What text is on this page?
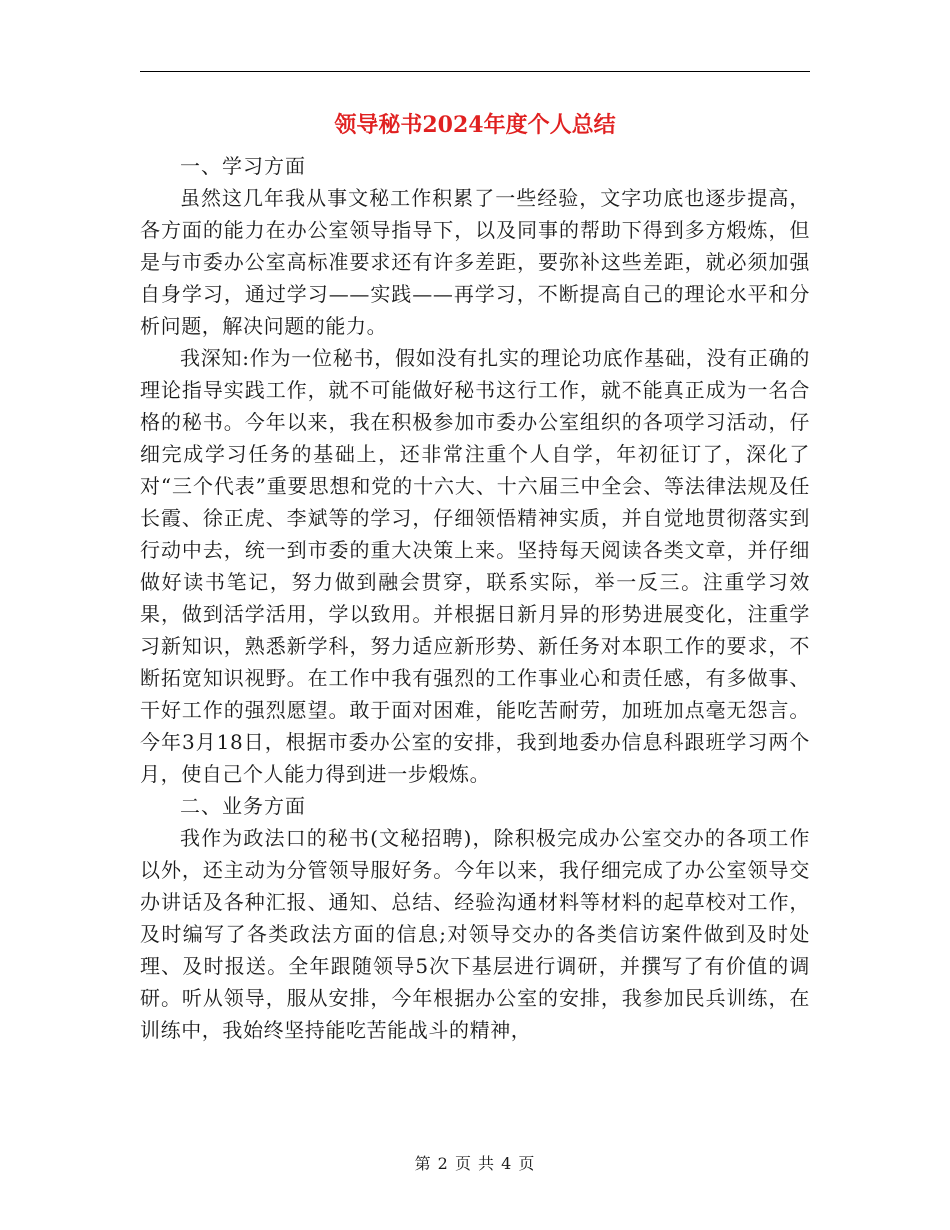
领导秘书2024年度个人总结

一、学习方面

虽然这几年我从事文秘工作积累了一些经验，文字功底也逐步提高，各方面的能力在办公室领导指导下，以及同事的帮助下得到多方煅炼，但是与市委办公室高标准要求还有许多差距，要弥补这些差距，就必须加强自身学习，通过学习——实践——再学习，不断提高自己的理论水平和分析问题，解决问题的能力。

我深知:作为一位秘书，假如没有扎实的理论功底作基础，没有正确的理论指导实践工作，就不可能做好秘书这行工作，就不能真正成为一名合格的秘书。今年以来，我在积极参加市委办公室组织的各项学习活动，仔细完成学习任务的基础上，还非常注重个人自学，年初征订了，深化了对“三个代表”重要思想和党的十六大、十六届三中全会、等法律法规及任长霞、徐正虎、李斌等的学习，仔细领悟精神实质，并自觉地贯彻落实到行动中去，统一到市委的重大决策上来。坚持每天阅读各类文章，并仔细做好读书笔记，努力做到融会贯穿，联系实际，举一反三。注重学习效果，做到活学活用，学以致用。并根据日新月异的形势进展变化，注重学习新知识，熟悉新学科，努力适应新形势、新任务对本职工作的要求，不断拓宽知识视野。在工作中我有强烈的工作事业心和责任感，有多做事、干好工作的强烈愿望。敢于面对困难，能吃苦耐劳，加班加点毫无怨言。今年3月18日，根据市委办公室的安排，我到地委办信息科跟班学习两个月，使自己个人能力得到进一步煅炼。

二、业务方面

我作为政法口的秘书(文秘招聘)，除积极完成办公室交办的各项工作以外，还主动为分管领导服好务。今年以来，我仔细完成了办公室领导交办讲话及各种汇报、通知、总结、经验沟通材料等材料的起草校对工作，及时编写了各类政法方面的信息;对领导交办的各类信访案件做到及时处理、及时报送。全年跟随领导5次下基层进行调研，并撰写了有价值的调研。听从领导，服从安排，今年根据办公室的安排，我参加民兵训练，在训练中，我始终坚持能吃苦能战斗的精神，

第 2 页 共 4 页
